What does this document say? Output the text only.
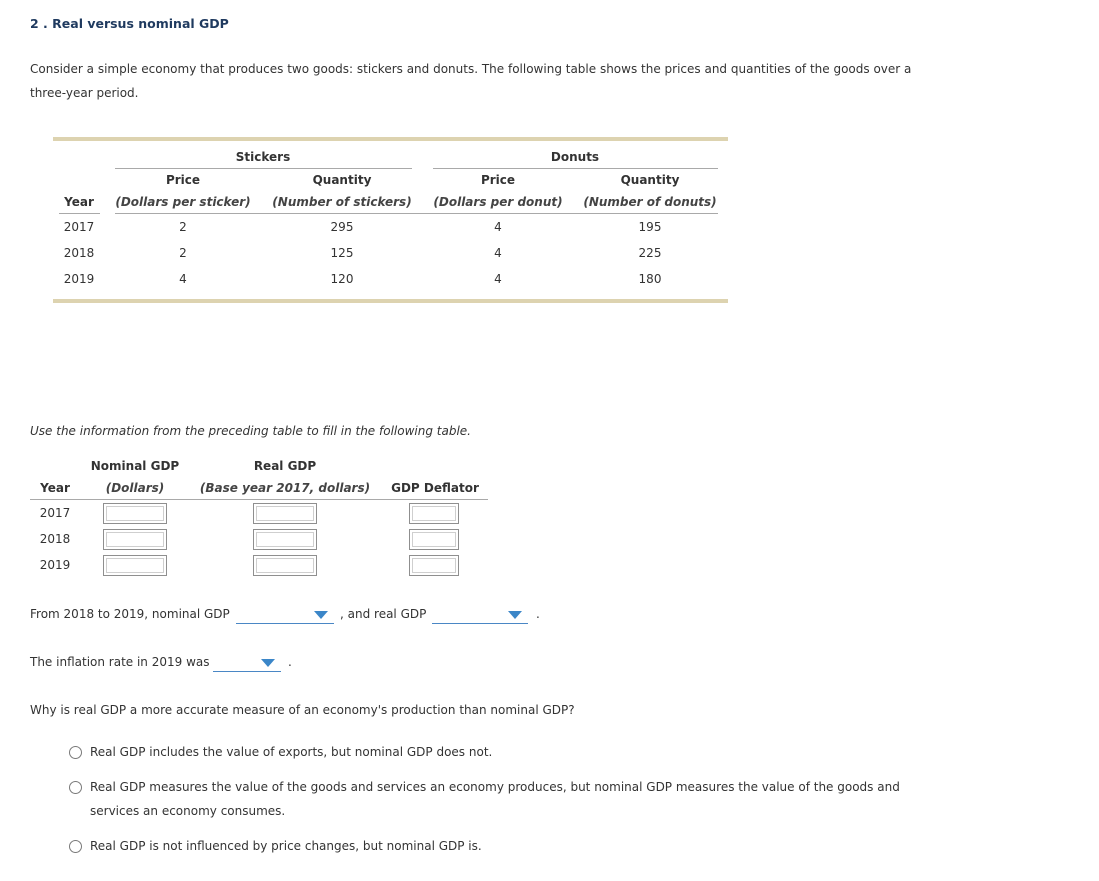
2 . Real versus nominal GDP
Consider a simple economy that produces two goods: stickers and donuts. The following table shows the prices and quantities of the goods over a three-year period.
Stickers	Donuts
Price	Quantity	Price	Quantity
Year	(Dollars per sticker) (Number of stickers) (Dollars per donut) (Number of donuts)
2017	2	295	4	195
2018	2	125	4	225
2019	4	120	4	180
Use the information from the preceding table to fill in the following table.
Nominal GDP	Real GDP
Year	(Dollars)	(Base year 2017, dollars)	GDP Deflator
2017
2018
2019
From 2018 to 2019, nominal GDP	, and real GDP	.
The inflation rate in 2019 was	.
Why is real GDP a more accurate measure of an economy's production than nominal GDP?
Real GDP includes the value of exports, but nominal GDP does not.
Real GDP measures the value of the goods and services an economy produces, but nominal GDP measures the value of the goods and services an economy consumes.
Real GDP is not influenced by price changes, but nominal GDP is.
